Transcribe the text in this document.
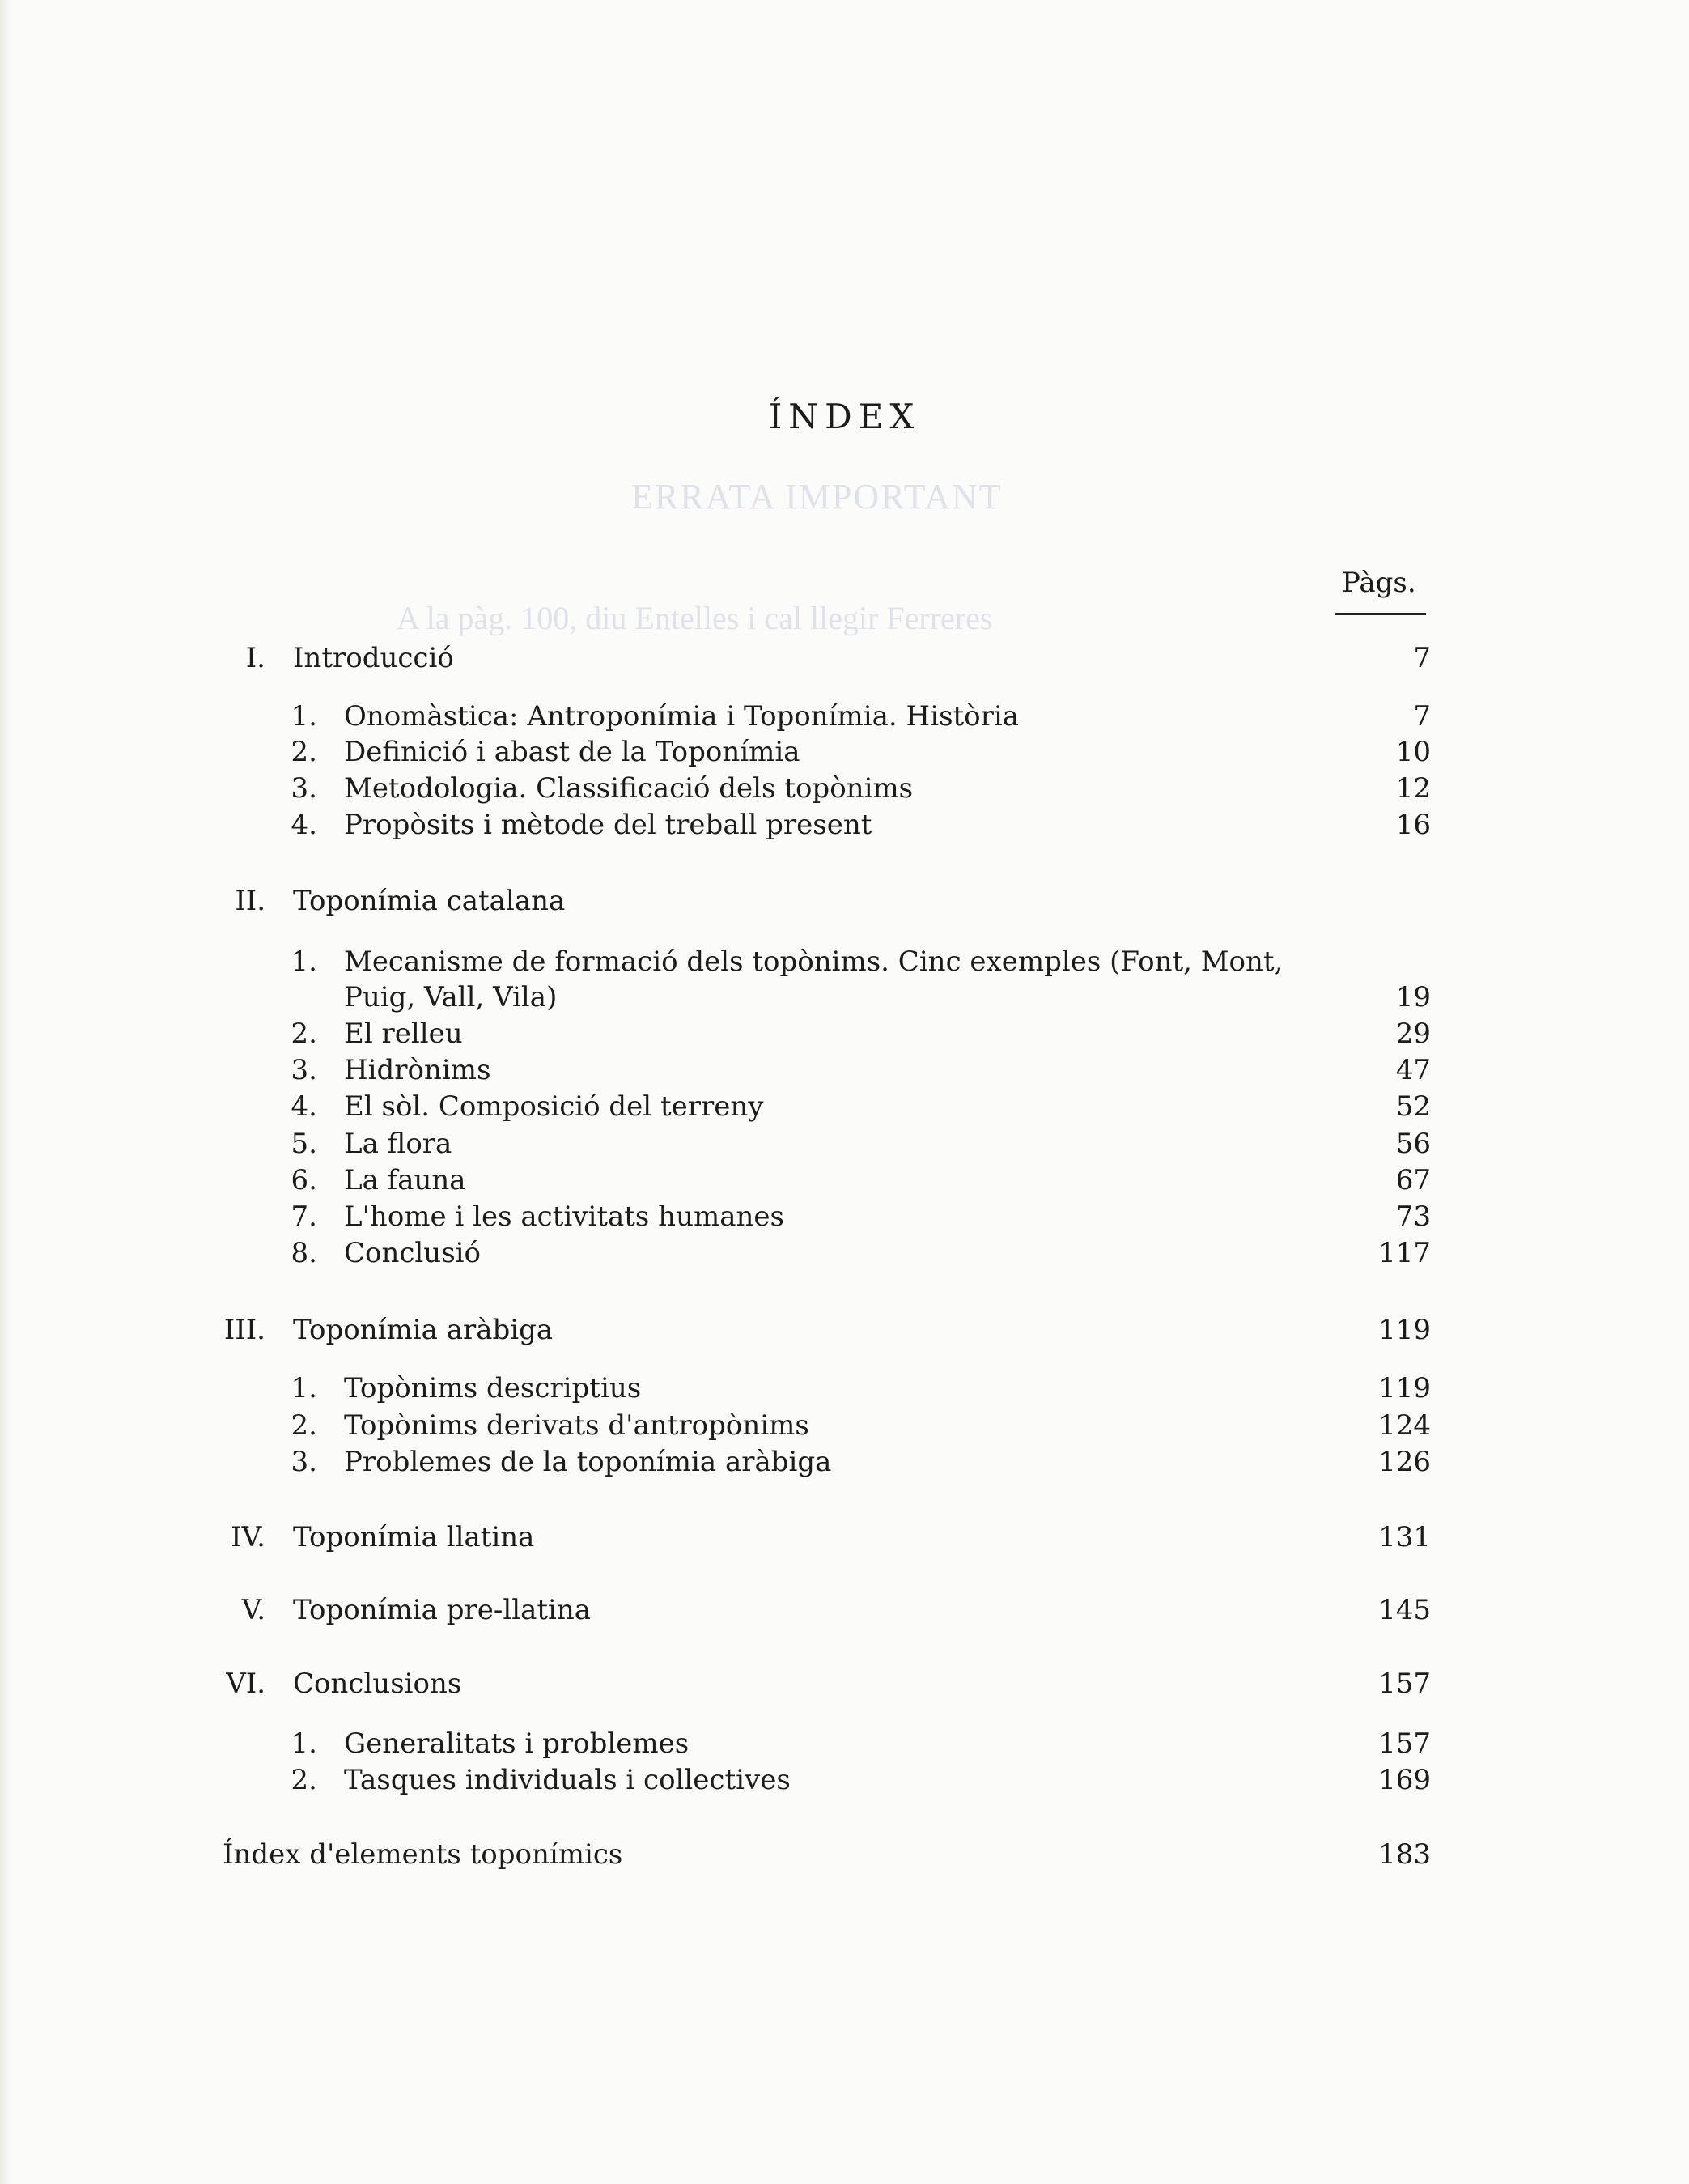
ERRATA IMPORTANT
A la pàg. 100, diu Entelles i cal llegir Ferreres
ÍNDEX
Pàgs.
I. Introducció	7
1. Onomàstica: Antroponímia i Toponímia. Història	7
2. Definició i abast de la Toponímia	10
3. Metodologia. Classificació dels topònims	12
4. Propòsits i mètode del treball present	16
II. Toponímia catalana
1. Mecanisme de formació dels topònims. Cinc exemples (Font, Mont,
Puig, Vall, Vila)	19
2. El relleu	29
3. Hidrònims	47
4. El sòl. Composició del terreny	52
5. La flora	56
6. La fauna	67
7. L'home i les activitats humanes	73
8. Conclusió	117
III. Toponímia aràbiga	119
1. Topònims descriptius	119
2. Topònims derivats d'antropònims	124
3. Problemes de la toponímia aràbiga	126
IV. Toponímia llatina	131
V. Toponímia pre-llatina	145
VI. Conclusions	157
1. Generalitats i problemes	157
2. Tasques individuals i collectives	169
Índex d'elements toponímics	183
